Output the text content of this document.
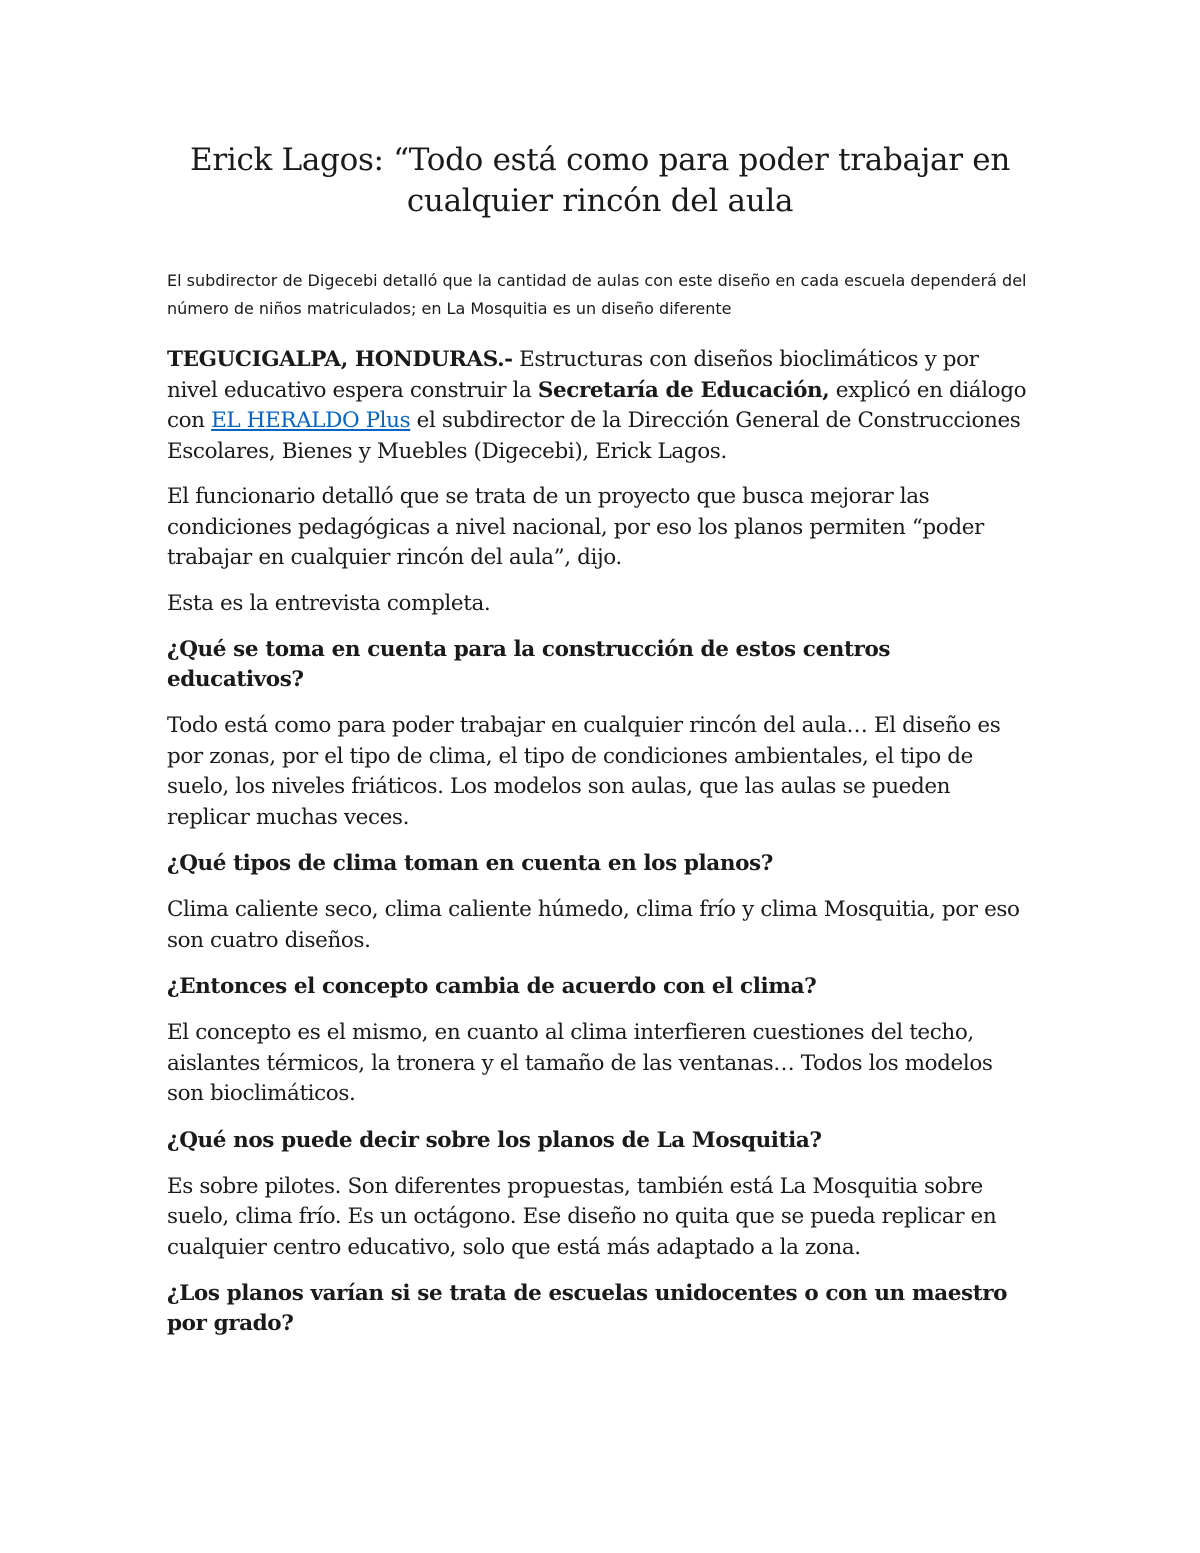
Erick Lagos: “Todo está como para poder trabajar en cualquier rincón del aula

El subdirector de Digecebi detalló que la cantidad de aulas con este diseño en cada escuela dependerá del número de niños matriculados; en La Mosquitia es un diseño diferente

TEGUCIGALPA, HONDURAS.- Estructuras con diseños bioclimáticos y por nivel educativo espera construir la Secretaría de Educación, explicó en diálogo con EL HERALDO Plus el subdirector de la Dirección General de Construcciones Escolares, Bienes y Muebles (Digecebi), Erick Lagos.

El funcionario detalló que se trata de un proyecto que busca mejorar las condiciones pedagógicas a nivel nacional, por eso los planos permiten “poder trabajar en cualquier rincón del aula”, dijo.

Esta es la entrevista completa.

¿Qué se toma en cuenta para la construcción de estos centros educativos?

Todo está como para poder trabajar en cualquier rincón del aula… El diseño es por zonas, por el tipo de clima, el tipo de condiciones ambientales, el tipo de suelo, los niveles friáticos. Los modelos son aulas, que las aulas se pueden replicar muchas veces.

¿Qué tipos de clima toman en cuenta en los planos?

Clima caliente seco, clima caliente húmedo, clima frío y clima Mosquitia, por eso son cuatro diseños.

¿Entonces el concepto cambia de acuerdo con el clima?

El concepto es el mismo, en cuanto al clima interfieren cuestiones del techo, aislantes térmicos, la tronera y el tamaño de las ventanas… Todos los modelos son bioclimáticos.

¿Qué nos puede decir sobre los planos de La Mosquitia?

Es sobre pilotes. Son diferentes propuestas, también está La Mosquitia sobre suelo, clima frío. Es un octágono. Ese diseño no quita que se pueda replicar en cualquier centro educativo, solo que está más adaptado a la zona.

¿Los planos varían si se trata de escuelas unidocentes o con un maestro por grado?
